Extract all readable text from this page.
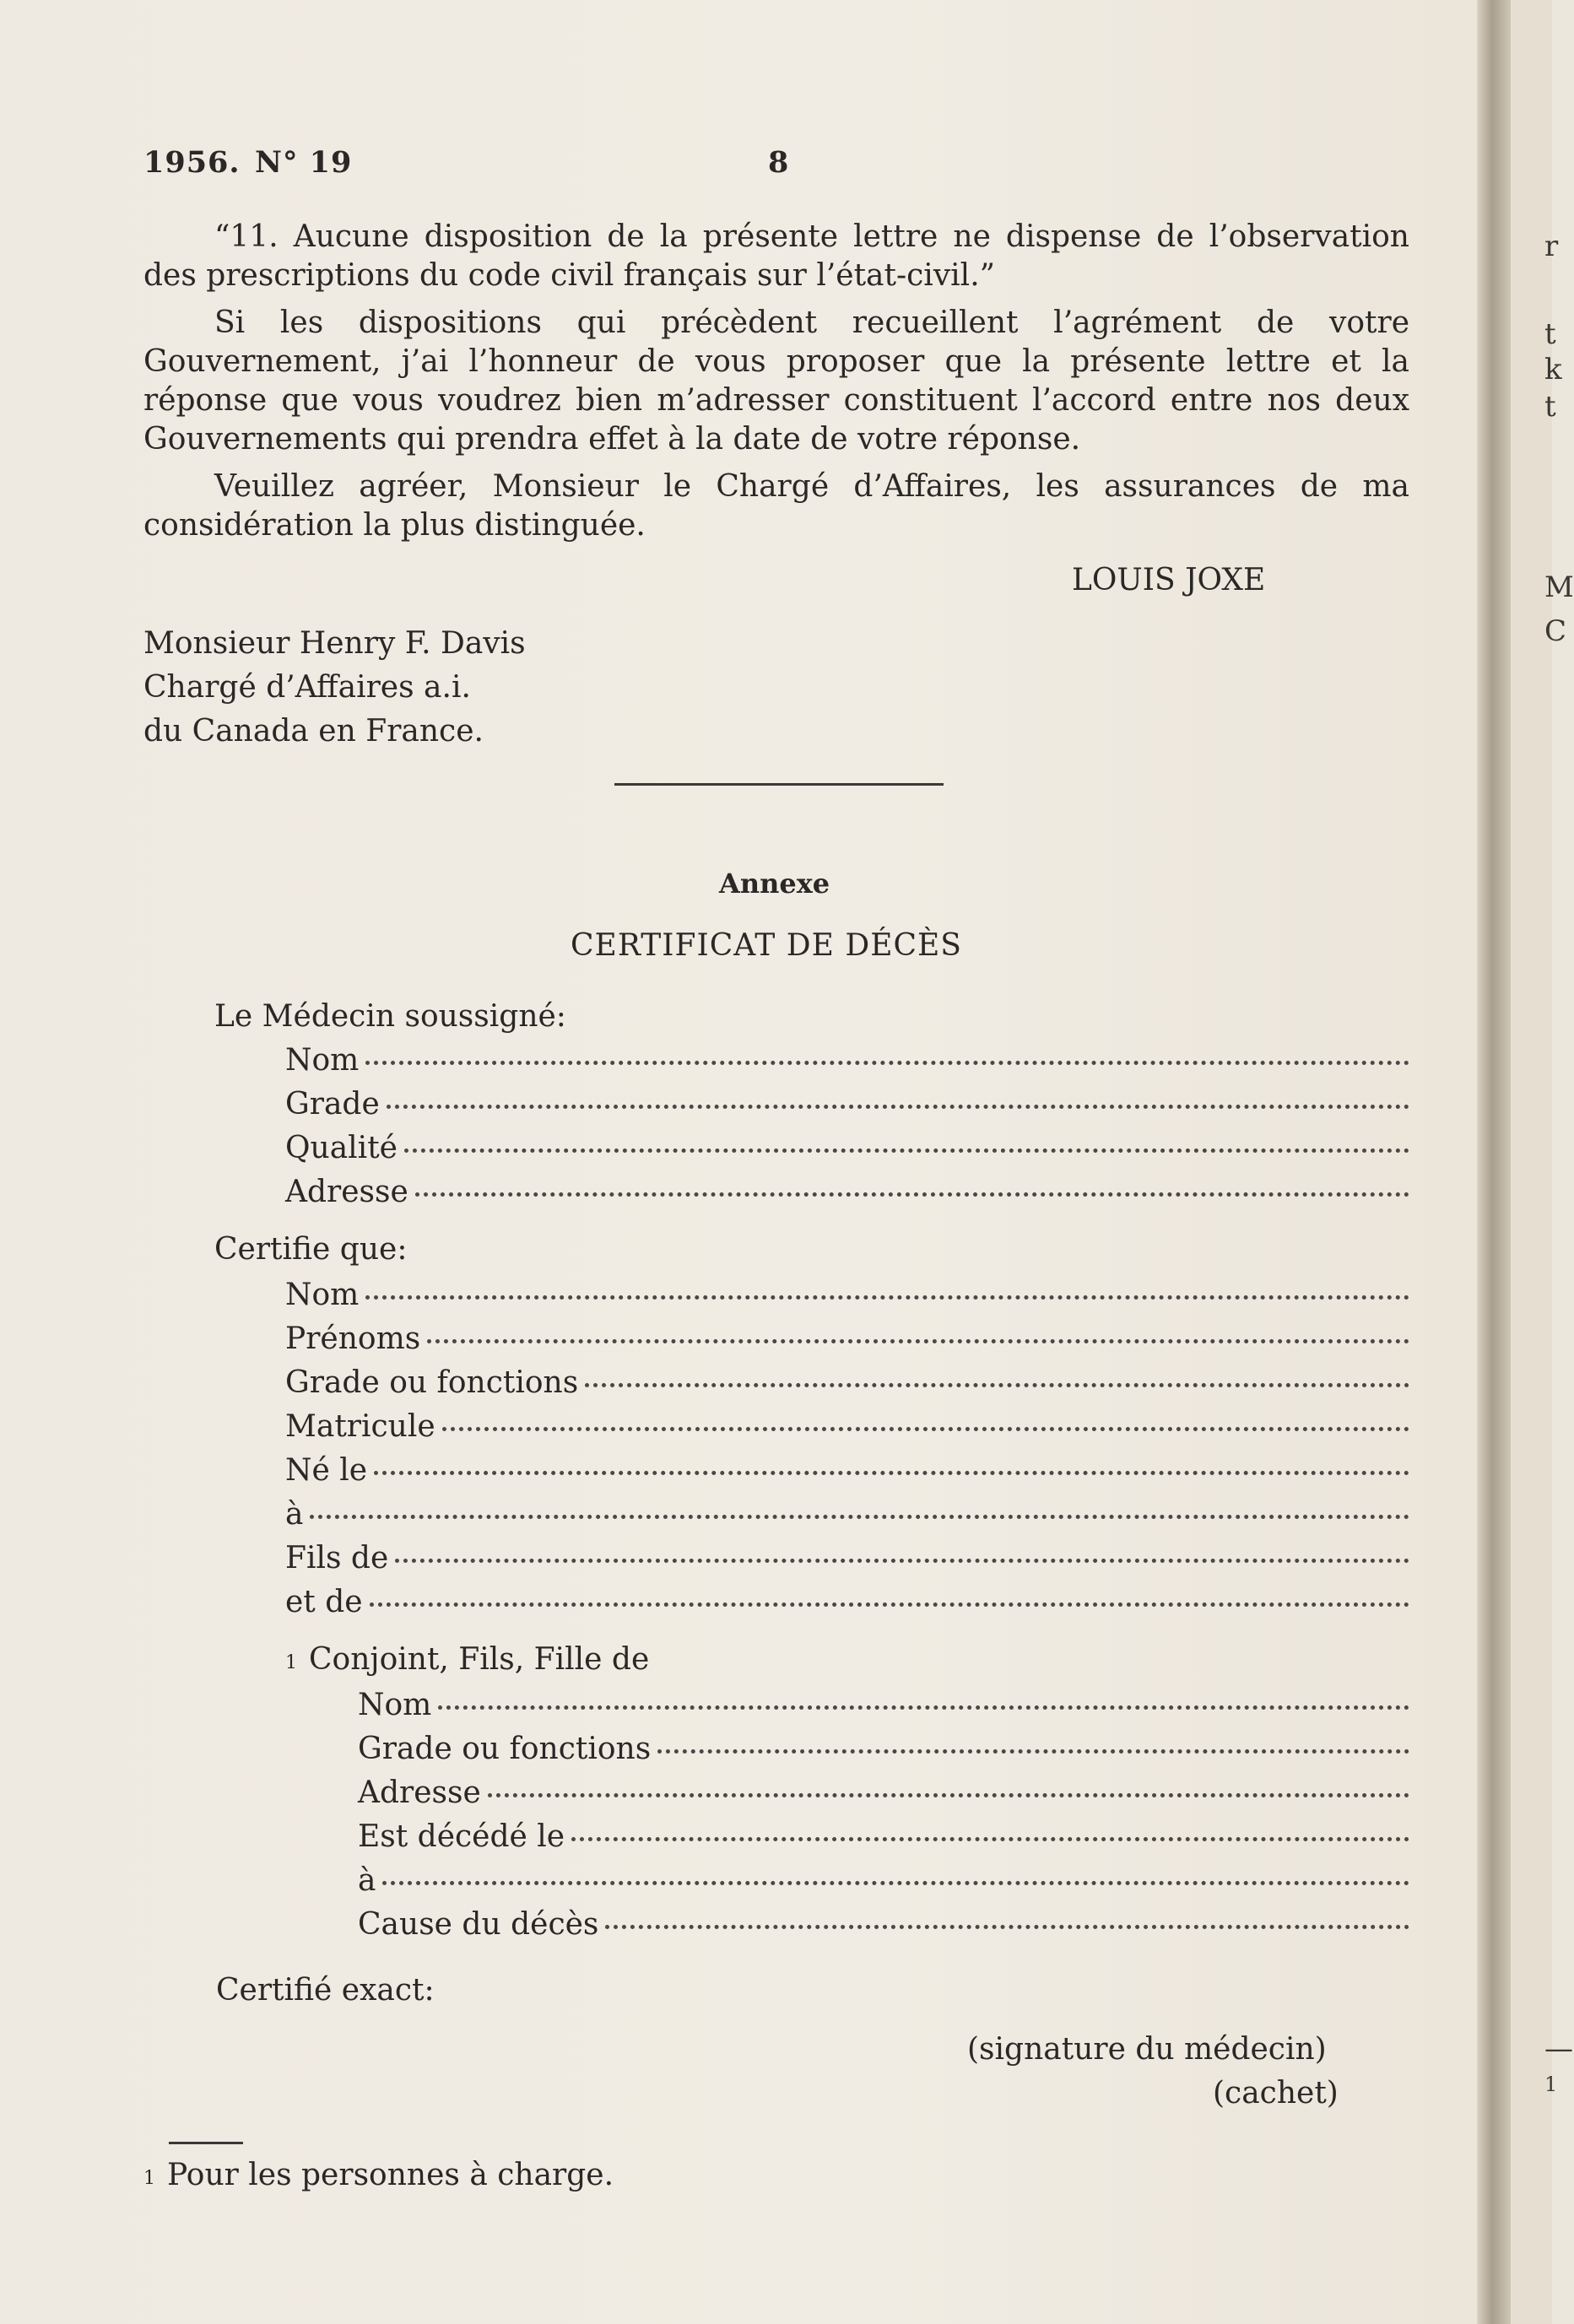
1956. N° 19	8

“11. Aucune disposition de la présente lettre ne dispense de l’observation des prescriptions du code civil français sur l’état-civil.”

Si les dispositions qui précèdent recueillent l’agrément de votre Gouvernement, j’ai l’honneur de vous proposer que la présente lettre et la réponse que vous voudrez bien m’adresser constituent l’accord entre nos deux Gouvernements qui prendra effet à la date de votre réponse.

Veuillez agréer, Monsieur le Chargé d’Affaires, les assurances de ma considération la plus distinguée.

LOUIS JOXE
Monsieur Henry F. Davis
Chargé d’Affaires a.i.
du Canada en France.
Annexe
CERTIFICAT DE DÉCÈS
Le Médecin soussigné:
Nom
Grade
Qualité
Adresse
Certifie que:
Nom
Prénoms
Grade ou fonctions
Matricule
Né le
à
Fils de
et de
$^1$ Conjoint, Fils, Fille de
Nom
Grade ou fonctions
Adresse
Est décédé le
à
Cause du décès
Certifié exact:
(signature du médecin)
(cachet)
$^1$ Pour les personnes à charge.
r
t
k
t
M
C
—
1
